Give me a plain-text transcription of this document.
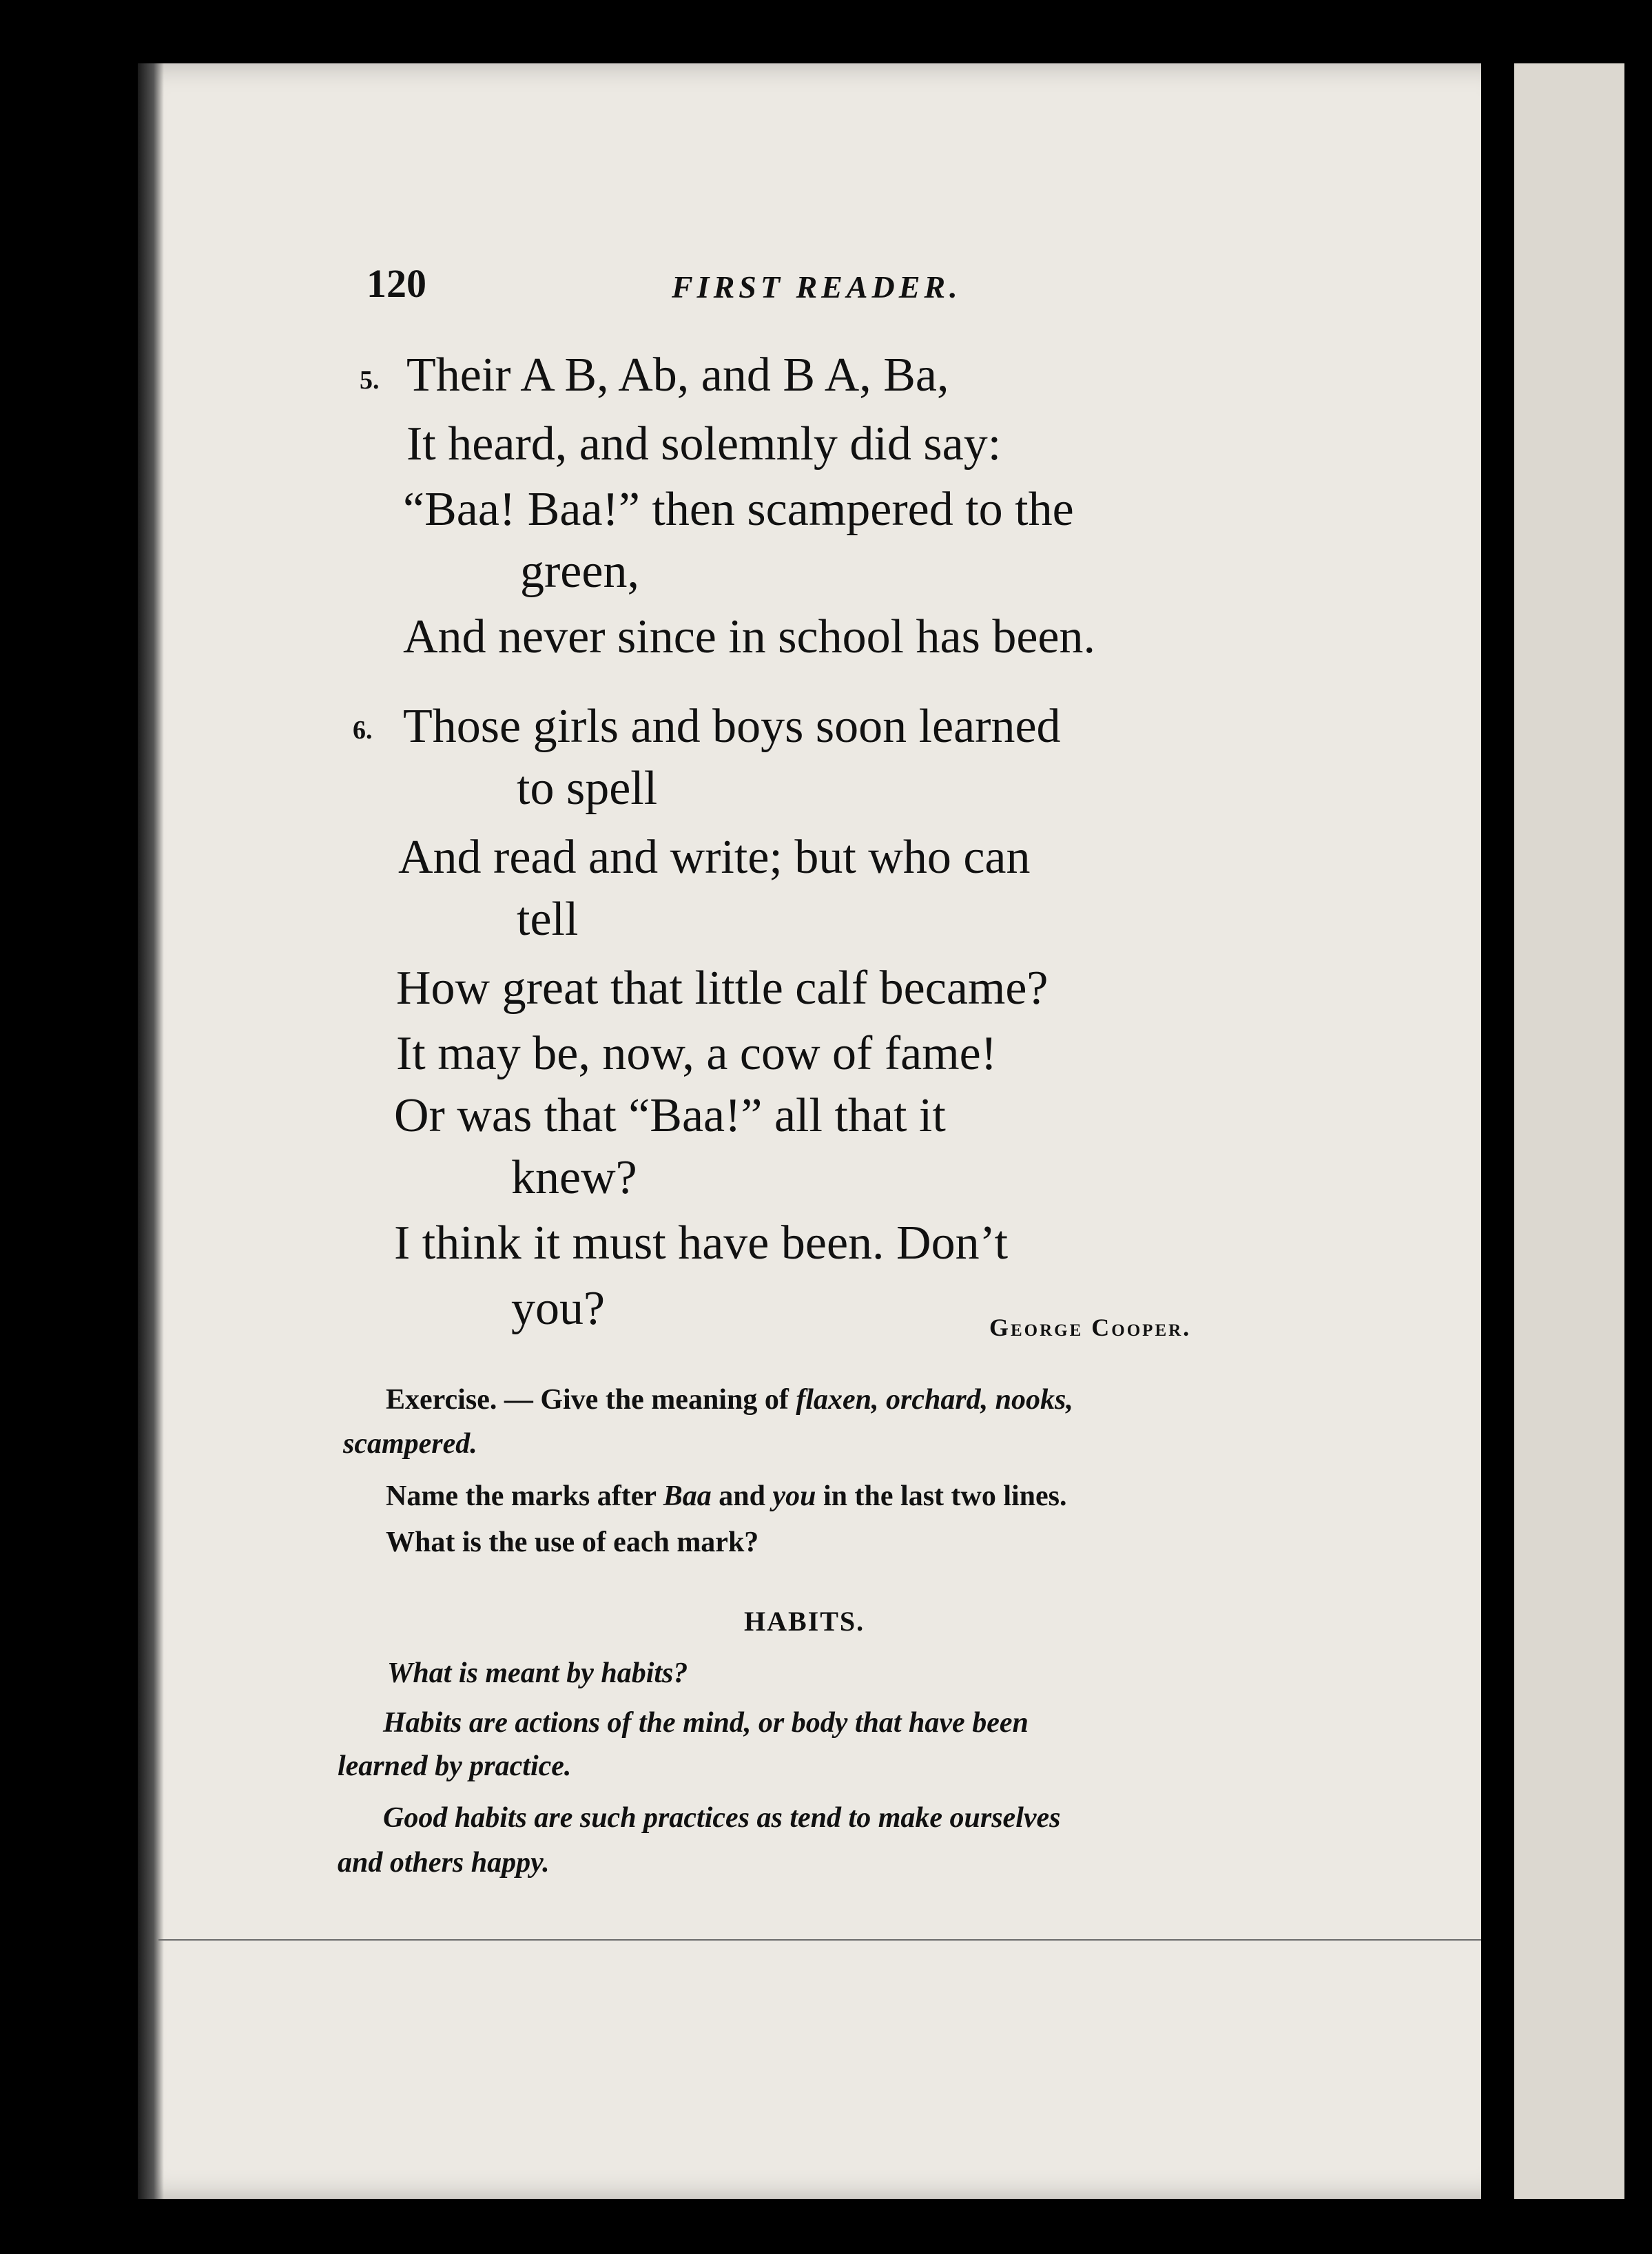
120	FIRST READER.
5. Their A B, Ab, and B A, Ba,
It heard, and solemnly did say:
“Baa! Baa!” then scampered to the
green,
And never since in school has been.
6. Those girls and boys soon learned
to spell
And read and write; but who can
tell
How great that little calf became?
It may be, now, a cow of fame!
Or was that “Baa!” all that it
knew?
I think it must have been. Don’t
you?	George Cooper.
Exercise. — Give the meaning of flaxen, orchard, nooks,
scampered.
Name the marks after Baa and you in the last two lines.
What is the use of each mark?
HABITS.
What is meant by habits?
Habits are actions of the mind, or body that have been
learned by practice.
Good habits are such practices as tend to make ourselves
and others happy.
